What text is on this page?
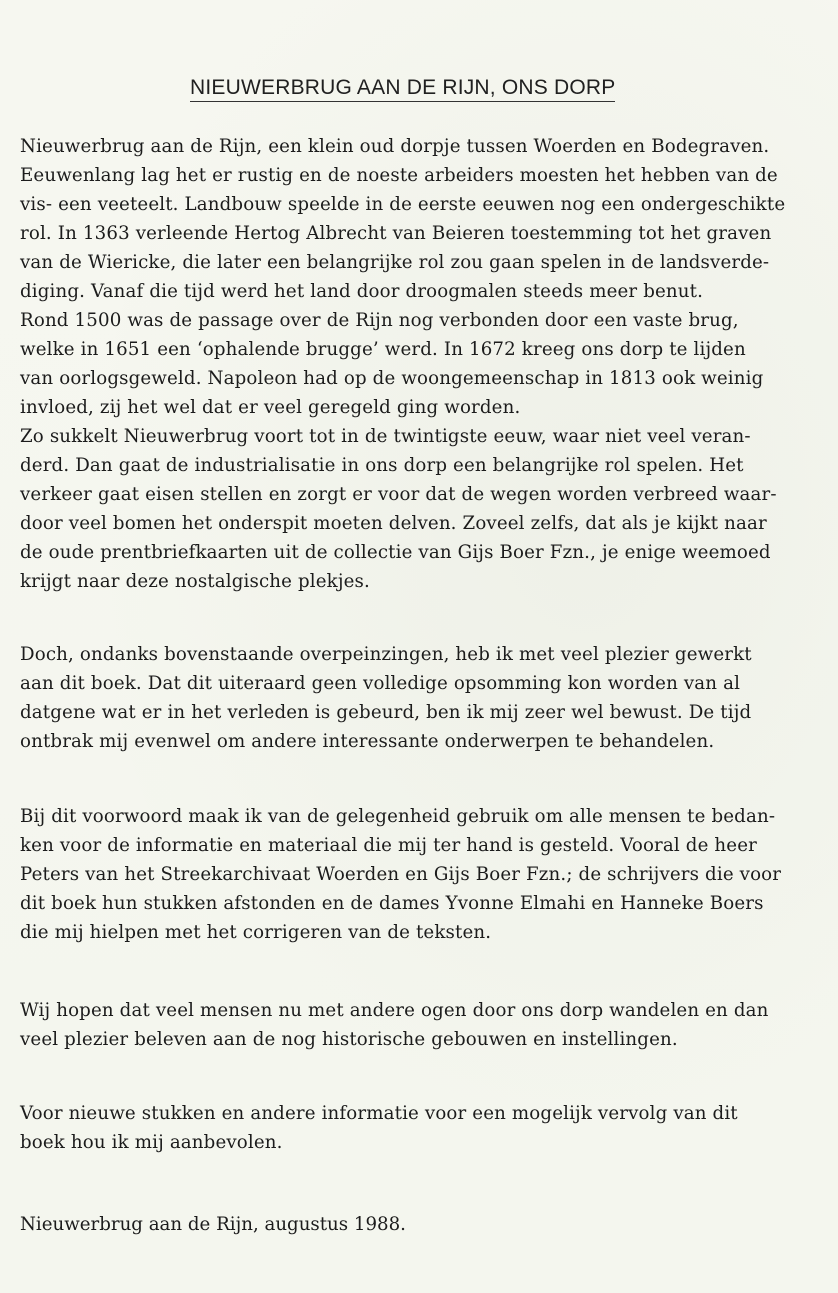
NIEUWERBRUG AAN DE RIJN, ONS DORP

Nieuwerbrug aan de Rijn, een klein oud dorpje tussen Woerden en Bodegraven.

Eeuwenlang lag het er rustig en de noeste arbeiders moesten het hebben van de

vis- een veeteelt. Landbouw speelde in de eerste eeuwen nog een ondergeschikte

rol. In 1363 verleende Hertog Albrecht van Beieren toestemming tot het graven

van de Wiericke, die later een belangrijke rol zou gaan spelen in de landsverde-

diging. Vanaf die tijd werd het land door droogmalen steeds meer benut.

Rond 1500 was de passage over de Rijn nog verbonden door een vaste brug,

welke in 1651 een ‘ophalende brugge’ werd. In 1672 kreeg ons dorp te lijden

van oorlogsgeweld. Napoleon had op de woongemeenschap in 1813 ook weinig

invloed, zij het wel dat er veel geregeld ging worden.

Zo sukkelt Nieuwerbrug voort tot in de twintigste eeuw, waar niet veel veran-

derd. Dan gaat de industrialisatie in ons dorp een belangrijke rol spelen. Het

verkeer gaat eisen stellen en zorgt er voor dat de wegen worden verbreed waar-

door veel bomen het onderspit moeten delven. Zoveel zelfs, dat als je kijkt naar

de oude prentbriefkaarten uit de collectie van Gijs Boer Fzn., je enige weemoed

krijgt naar deze nostalgische plekjes.

Doch, ondanks bovenstaande overpeinzingen, heb ik met veel plezier gewerkt

aan dit boek. Dat dit uiteraard geen volledige opsomming kon worden van al

datgene wat er in het verleden is gebeurd, ben ik mij zeer wel bewust. De tijd

ontbrak mij evenwel om andere interessante onderwerpen te behandelen.

Bij dit voorwoord maak ik van de gelegenheid gebruik om alle mensen te bedan-

ken voor de informatie en materiaal die mij ter hand is gesteld. Vooral de heer

Peters van het Streekarchivaat Woerden en Gijs Boer Fzn.; de schrijvers die voor

dit boek hun stukken afstonden en de dames Yvonne Elmahi en Hanneke Boers

die mij hielpen met het corrigeren van de teksten.

Wij hopen dat veel mensen nu met andere ogen door ons dorp wandelen en dan

veel plezier beleven aan de nog historische gebouwen en instellingen.

Voor nieuwe stukken en andere informatie voor een mogelijk vervolg van dit

boek hou ik mij aanbevolen.

Nieuwerbrug aan de Rijn, augustus 1988.
